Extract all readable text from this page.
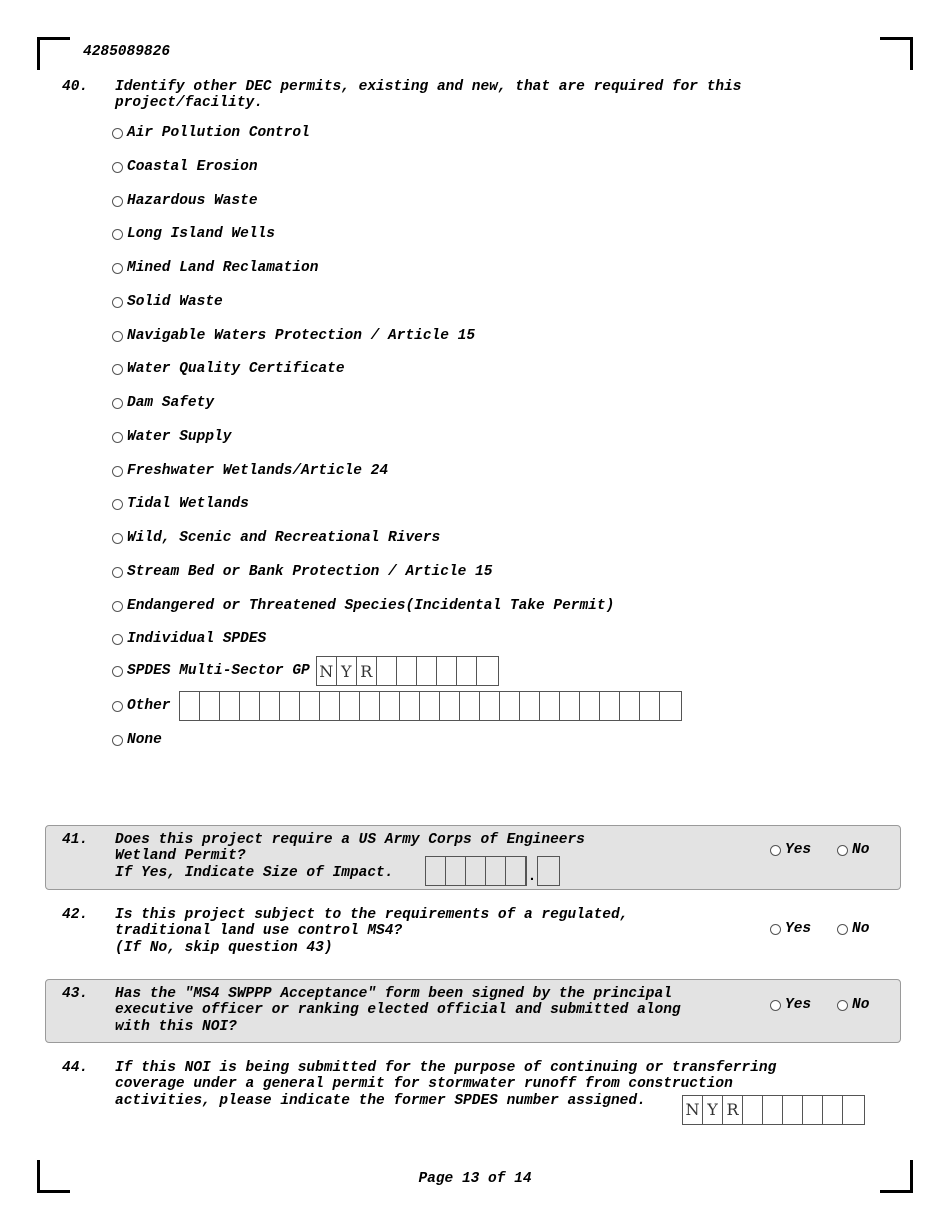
4285089826
40. Identify other DEC permits, existing and new, that are required for this
project/facility.
Air Pollution Control
Coastal Erosion
Hazardous Waste
Long Island Wells
Mined Land Reclamation
Solid Waste
Navigable Waters Protection / Article 15
Water Quality Certificate
Dam Safety
Water Supply
Freshwater Wetlands/Article 24
Tidal Wetlands
Wild, Scenic and Recreational Rivers
Stream Bed or Bank Protection / Article 15
Endangered or Threatened Species(Incidental Take Permit)
Individual SPDES
SPDES Multi-Sector GP N Y R
Other
None
41. Does this project require a US Army Corps of Engineers
Wetland Permit?
If Yes, Indicate Size of Impact.	.
Yes	No
42. Is this project subject to the requirements of a regulated,
traditional land use control MS4?
(If No, skip question 43)
Yes	No
43. Has the "MS4 SWPPP Acceptance" form been signed by the principal
executive officer or ranking elected official and submitted along
with this NOI?
Yes	No
44. If this NOI is being submitted for the purpose of continuing or transferring
coverage under a general permit for stormwater runoff from construction
activities, please indicate the former SPDES number assigned. N Y R
Page 13 of 14
